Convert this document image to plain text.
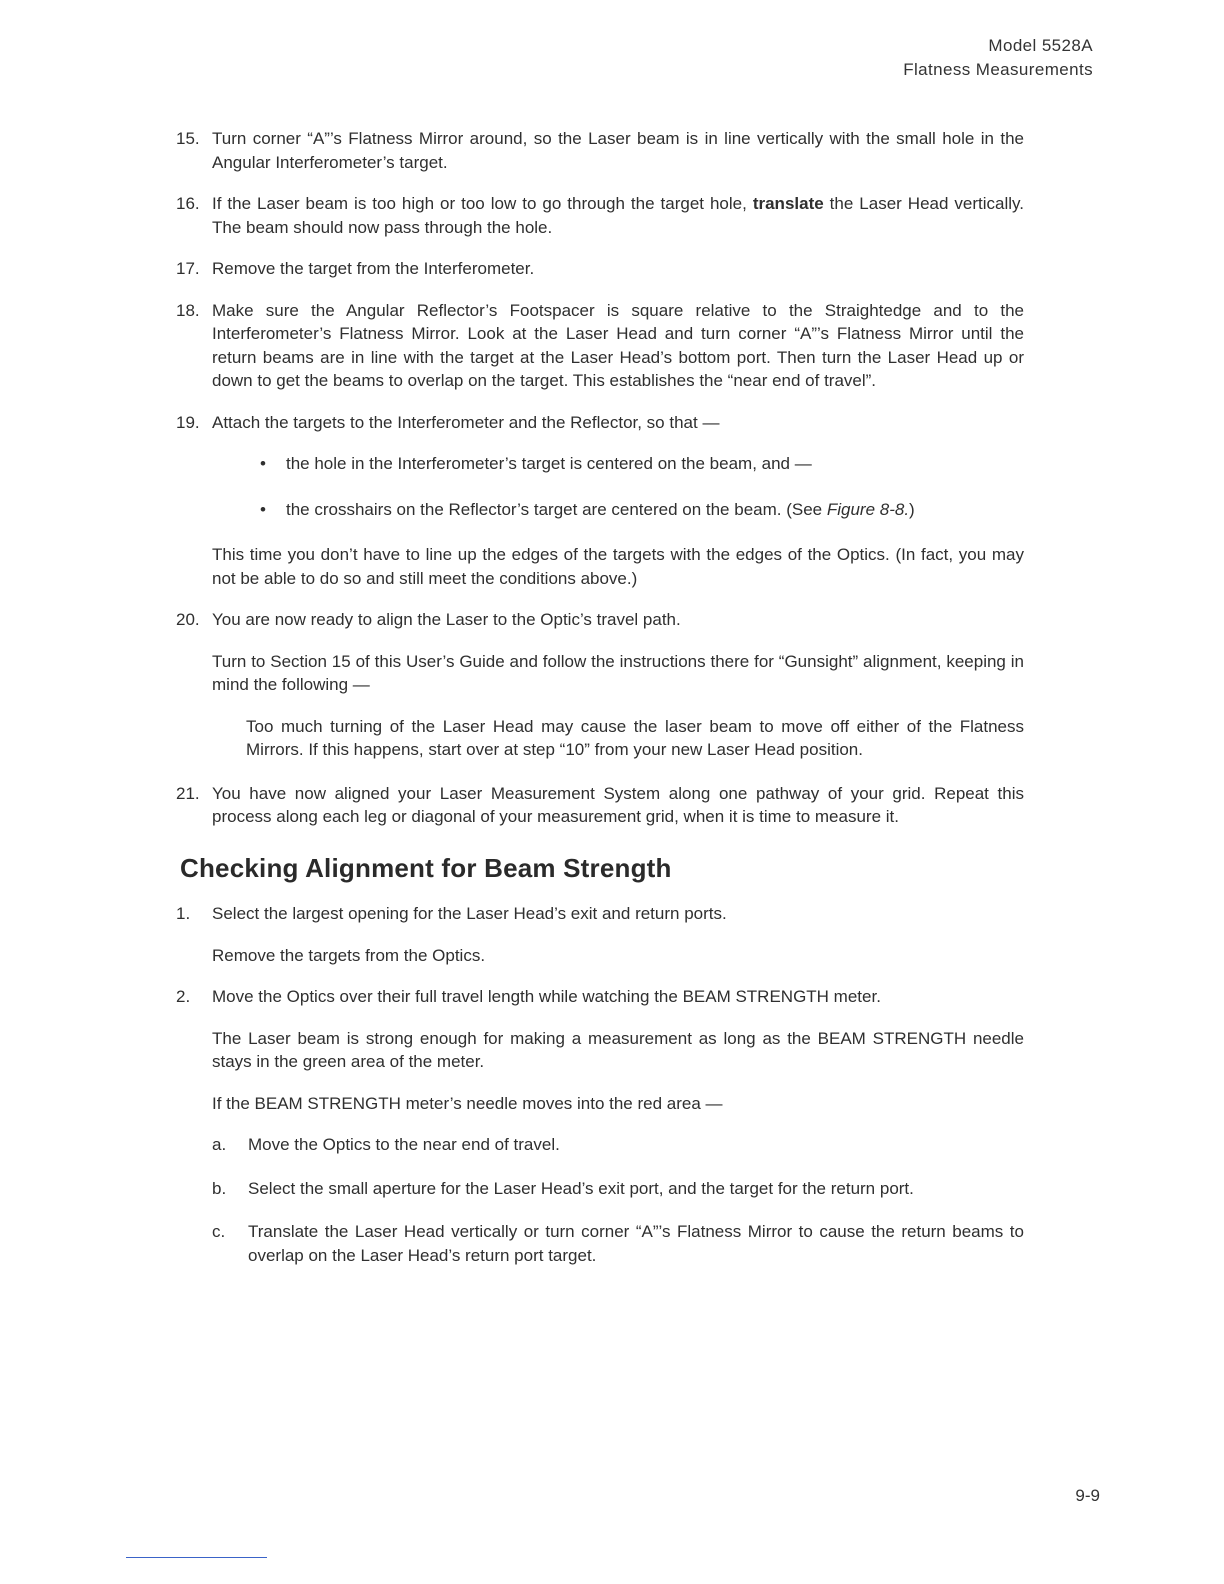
Model 5528A
Flatness Measurements
15. Turn corner “A”’s Flatness Mirror around, so the Laser beam is in line vertically with the small hole in the Angular Interferometer’s target.
16. If the Laser beam is too high or too low to go through the target hole, translate the Laser Head vertically. The beam should now pass through the hole.
17. Remove the target from the Interferometer.
18. Make sure the Angular Reflector’s Footspacer is square relative to the Straightedge and to the Interferometer’s Flatness Mirror. Look at the Laser Head and turn corner “A”’s Flatness Mirror until the return beams are in line with the target at the Laser Head’s bottom port. Then turn the Laser Head up or down to get the beams to overlap on the target. This establishes the “near end of travel”.
19. Attach the targets to the Interferometer and the Reflector, so that —
•	the hole in the Interferometer’s target is centered on the beam, and —
•	the crosshairs on the Reflector’s target are centered on the beam. (See Figure 8-8.)
This time you don’t have to line up the edges of the targets with the edges of the Optics. (In fact, you may not be able to do so and still meet the conditions above.)
20. You are now ready to align the Laser to the Optic’s travel path.
Turn to Section 15 of this User’s Guide and follow the instructions there for “Gunsight” alignment, keeping in mind the following —
Too much turning of the Laser Head may cause the laser beam to move off either of the Flatness Mirrors. If this happens, start over at step “10” from your new Laser Head position.
21. You have now aligned your Laser Measurement System along one pathway of your grid. Repeat this process along each leg or diagonal of your measurement grid, when it is time to measure it.
Checking Alignment for Beam Strength
1.	Select the largest opening for the Laser Head’s exit and return ports.
Remove the targets from the Optics.
2.	Move the Optics over their full travel length while watching the BEAM STRENGTH meter.
The Laser beam is strong enough for making a measurement as long as the BEAM STRENGTH needle stays in the green area of the meter.
If the BEAM STRENGTH meter’s needle moves into the red area —
a.	Move the Optics to the near end of travel.
b.	Select the small aperture for the Laser Head’s exit port, and the target for the return port.
c.	Translate the Laser Head vertically or turn corner “A”’s Flatness Mirror to cause the return beams to overlap on the Laser Head’s return port target.
9-9
